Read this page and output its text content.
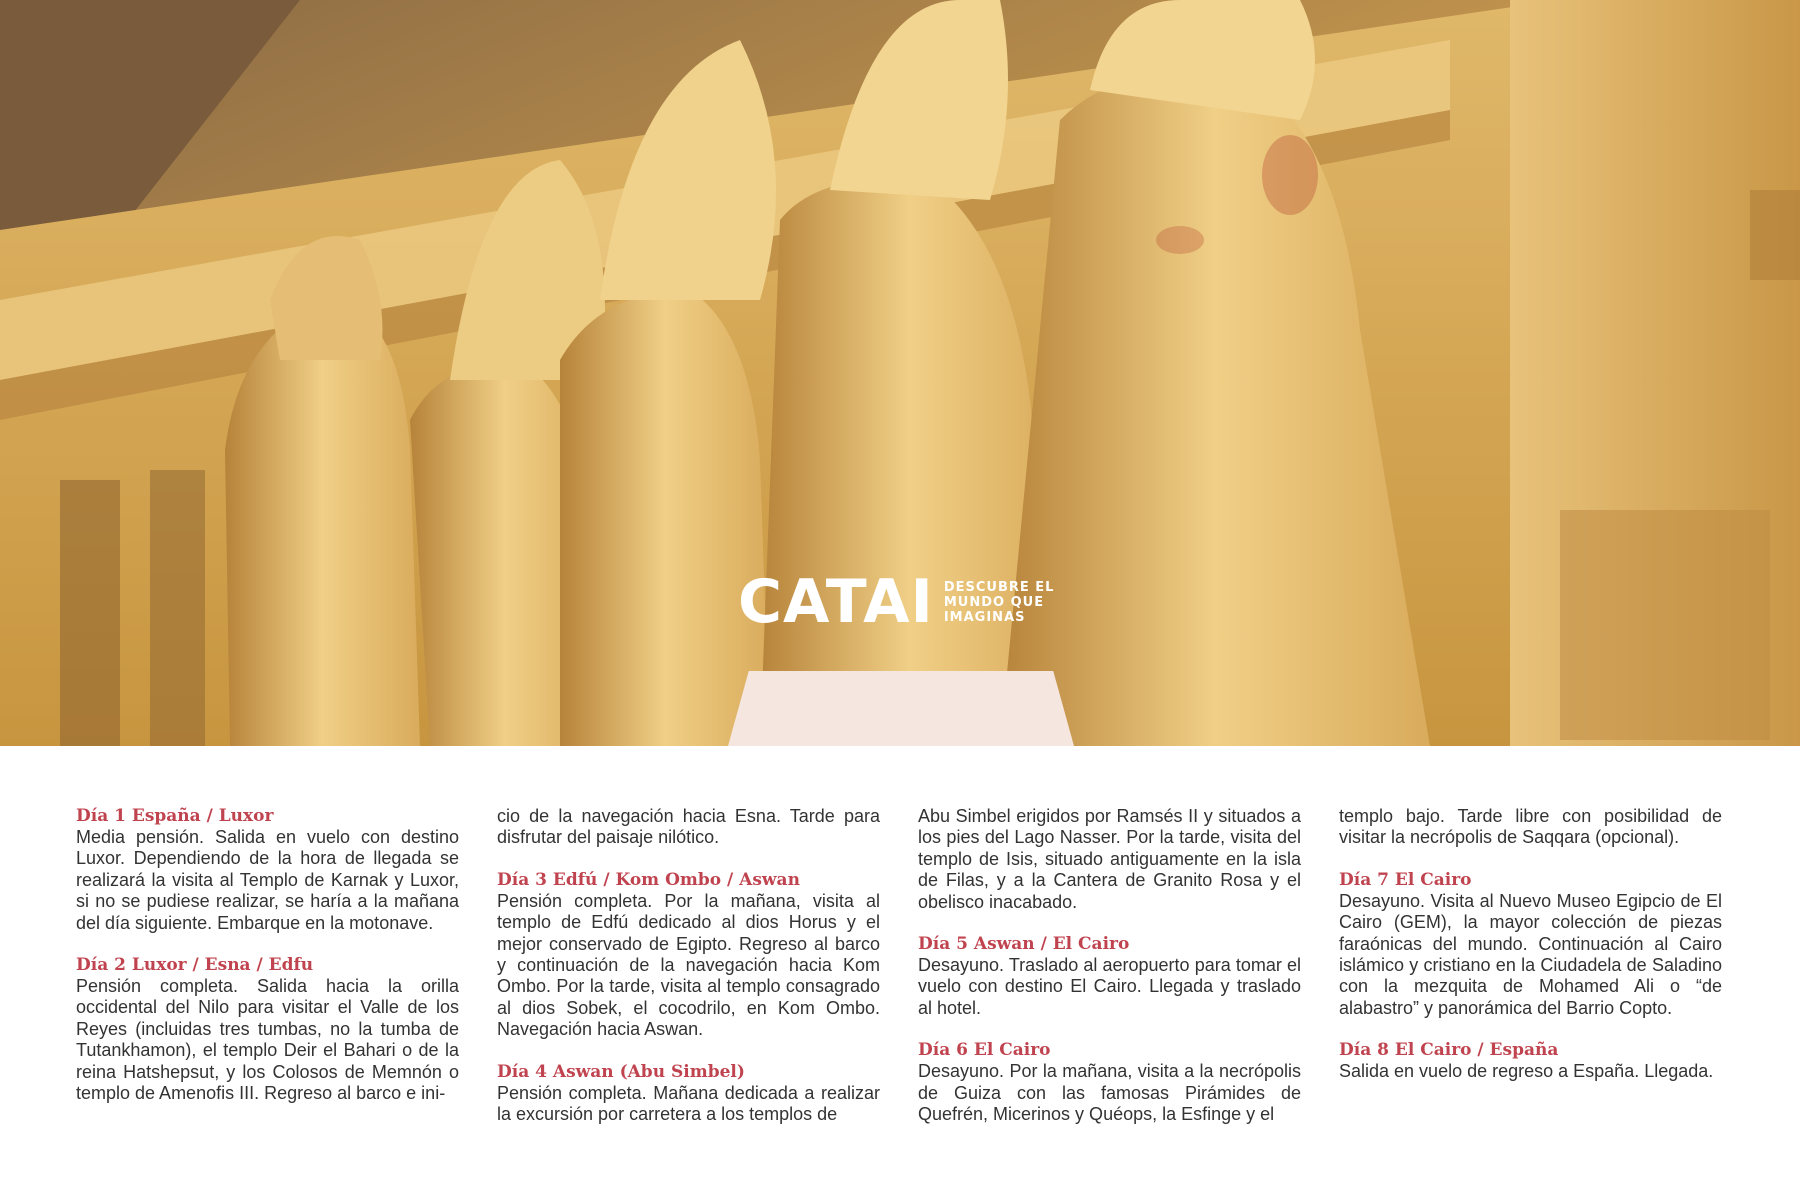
CATAI DESCUBRE EL
MUNDO QUE
IMAGINAS
Día 1 España / Luxor
Media pensión. Salida en vuelo con destino Luxor. Dependiendo de la hora de llegada se realizará la visita al Templo de Karnak y Luxor, si no se pudiese realizar, se haría a la mañana del día siguiente. Embarque en la motonave.
Día 2 Luxor / Esna / Edfu
Pensión completa. Salida hacia la orilla occidental del Nilo para visitar el Valle de los Reyes (incluidas tres tumbas, no la tumba de Tutankhamon), el templo Deir el Bahari o de la reina Hatshepsut, y los Colosos de Memnón o templo de Amenofis III. Regreso al barco e ini-
cio de la navegación hacia Esna. Tarde para disfrutar del paisaje nilótico.
Día 3 Edfú / Kom Ombo / Aswan
Pensión completa. Por la mañana, visita al templo de Edfú dedicado al dios Horus y el mejor conservado de Egipto. Regreso al barco y continuación de la navegación hacia Kom Ombo. Por la tarde, visita al templo consagrado al dios Sobek, el cocodrilo, en Kom Ombo. Navegación hacia Aswan.
Día 4 Aswan (Abu Simbel)
Pensión completa. Mañana dedicada a realizar la excursión por carretera a los templos de
Abu Simbel erigidos por Ramsés II y situados a los pies del Lago Nasser. Por la tarde, visita del templo de Isis, situado antiguamente en la isla de Filas, y a la Cantera de Granito Rosa y el obelisco inacabado.
Día 5 Aswan / El Cairo
Desayuno. Traslado al aeropuerto para tomar el vuelo con destino El Cairo. Llegada y traslado al hotel.
Día 6 El Cairo
Desayuno. Por la mañana, visita a la necrópolis de Guiza con las famosas Pirámides de Quefrén, Micerinos y Quéops, la Esfinge y el
templo bajo. Tarde libre con posibilidad de visitar la necrópolis de Saqqara (opcional).
Día 7 El Cairo
Desayuno. Visita al Nuevo Museo Egipcio de El Cairo (GEM), la mayor colección de piezas faraónicas del mundo. Continuación al Cairo islámico y cristiano en la Ciudadela de Saladino con la mezquita de Mohamed Ali o “de alabastro” y panorámica del Barrio Copto.
Día 8 El Cairo / España
Salida en vuelo de regreso a España. Llegada.
